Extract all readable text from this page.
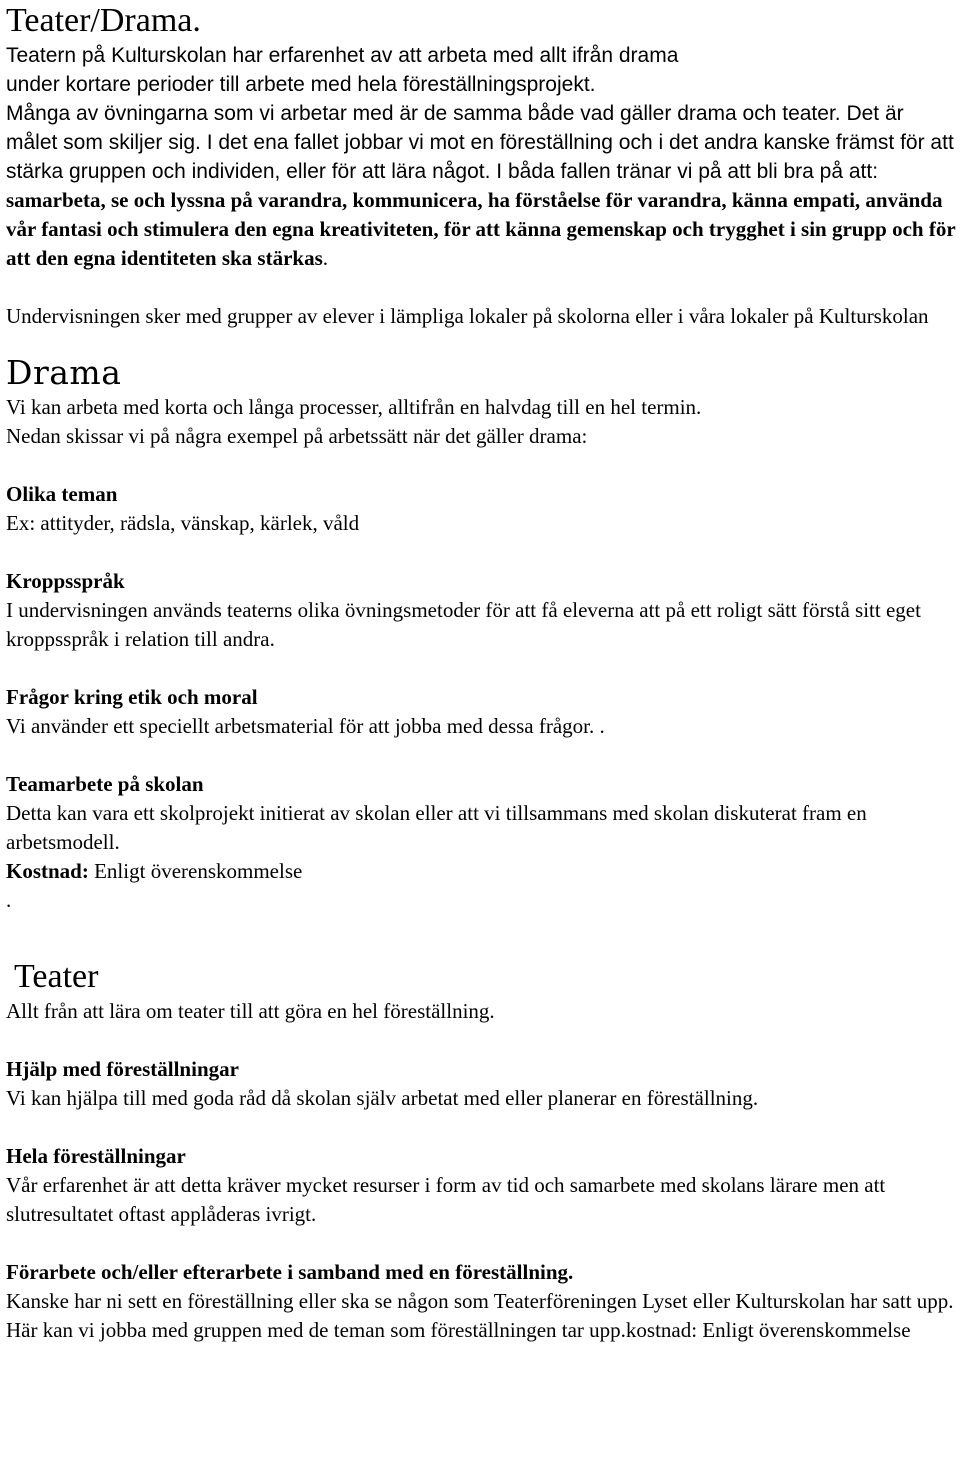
Teater/Drama.

Teatern på Kulturskolan har erfarenhet av att arbeta med allt ifrån drama

under kortare perioder till arbete med hela föreställningsprojekt.

Många av övningarna som vi arbetar med är de samma både vad gäller drama och teater. Det är målet som skiljer sig. I det ena fallet jobbar vi mot en föreställning och i det andra kanske främst för att stärka gruppen och individen, eller för att lära något. I båda fallen tränar vi på att bli bra på att:

samarbeta, se och lyssna på varandra, kommunicera, ha förståelse för varandra, känna empati, använda vår fantasi och stimulera den egna kreativiteten, för att känna gemenskap och trygghet i sin grupp och för att den egna identiteten ska stärkas.

Undervisningen sker med grupper av elever i lämpliga lokaler på skolorna eller i våra lokaler på Kulturskolan

Drama

Vi kan arbeta med korta och långa processer, alltifrån en halvdag till en hel termin.

Nedan skissar vi på några exempel på arbetssätt när det gäller drama:

Olika teman

Ex: attityder, rädsla, vänskap, kärlek, våld

Kroppsspråk

I undervisningen används teaterns olika övningsmetoder för att få eleverna att på ett roligt sätt förstå sitt eget kroppsspråk i relation till andra.

Frågor kring etik och moral

Vi använder ett speciellt arbetsmaterial för att jobba med dessa frågor. .

Teamarbete på skolan

Detta kan vara ett skolprojekt initierat av skolan eller att vi tillsammans med skolan diskuterat fram en arbetsmodell.

Kostnad: Enligt överenskommelse

.

Teater

Allt från att lära om teater till att göra en hel föreställning.

Hjälp med föreställningar

Vi kan hjälpa till med goda råd då skolan själv arbetat med eller planerar en föreställning.

Hela föreställningar

Vår erfarenhet är att detta kräver mycket resurser i form av tid och samarbete med skolans lärare men att slutresultatet oftast applåderas ivrigt.

Förarbete och/eller efterarbete i samband med en föreställning.

Kanske har ni sett en föreställning eller ska se någon som Teaterföreningen Lyset eller Kulturskolan har satt upp. Här kan vi jobba med gruppen med de teman som föreställningen tar upp.kostnad: Enligt överenskommelse
